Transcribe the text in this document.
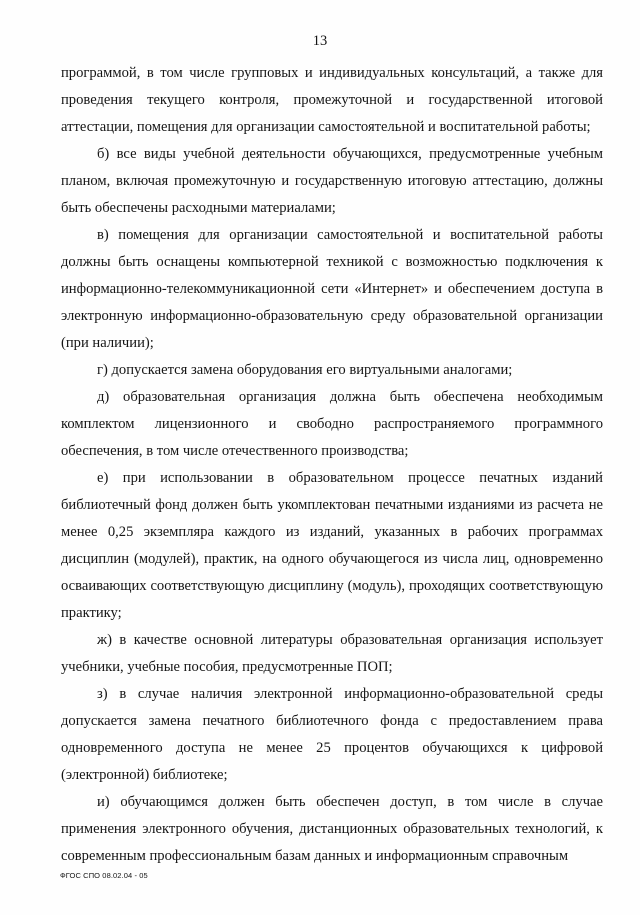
13

программой, в том числе групповых и индивидуальных консультаций, а также для проведения текущего контроля, промежуточной и государственной итоговой аттестации, помещения для организации самостоятельной и воспитательной работы;

б) все виды учебной деятельности обучающихся, предусмотренные учебным планом, включая промежуточную и государственную итоговую аттестацию, должны быть обеспечены расходными материалами;

в) помещения для организации самостоятельной и воспитательной работы должны быть оснащены компьютерной техникой с возможностью подключения к информационно-телекоммуникационной сети «Интернет» и обеспечением доступа в электронную информационно-образовательную среду образовательной организации (при наличии);

г) допускается замена оборудования его виртуальными аналогами;

д) образовательная организация должна быть обеспечена необходимым комплектом лицензионного и свободно распространяемого программного обеспечения, в том числе отечественного производства;

е) при использовании в образовательном процессе печатных изданий библиотечный фонд должен быть укомплектован печатными изданиями из расчета не менее 0,25 экземпляра каждого из изданий, указанных в рабочих программах дисциплин (модулей), практик, на одного обучающегося из числа лиц, одновременно осваивающих соответствующую дисциплину (модуль), проходящих соответствующую практику;

ж) в качестве основной литературы образовательная организация использует учебники, учебные пособия, предусмотренные ПОП;

з) в случае наличия электронной информационно-образовательной среды допускается замена печатного библиотечного фонда с предоставлением права одновременного доступа не менее 25 процентов обучающихся к цифровой (электронной) библиотеке;

и) обучающимся должен быть обеспечен доступ, в том числе в случае применения электронного обучения, дистанционных образовательных технологий, к современным профессиональным базам данных и информационным справочным

ФГОС СПО 08.02.04 - 05
